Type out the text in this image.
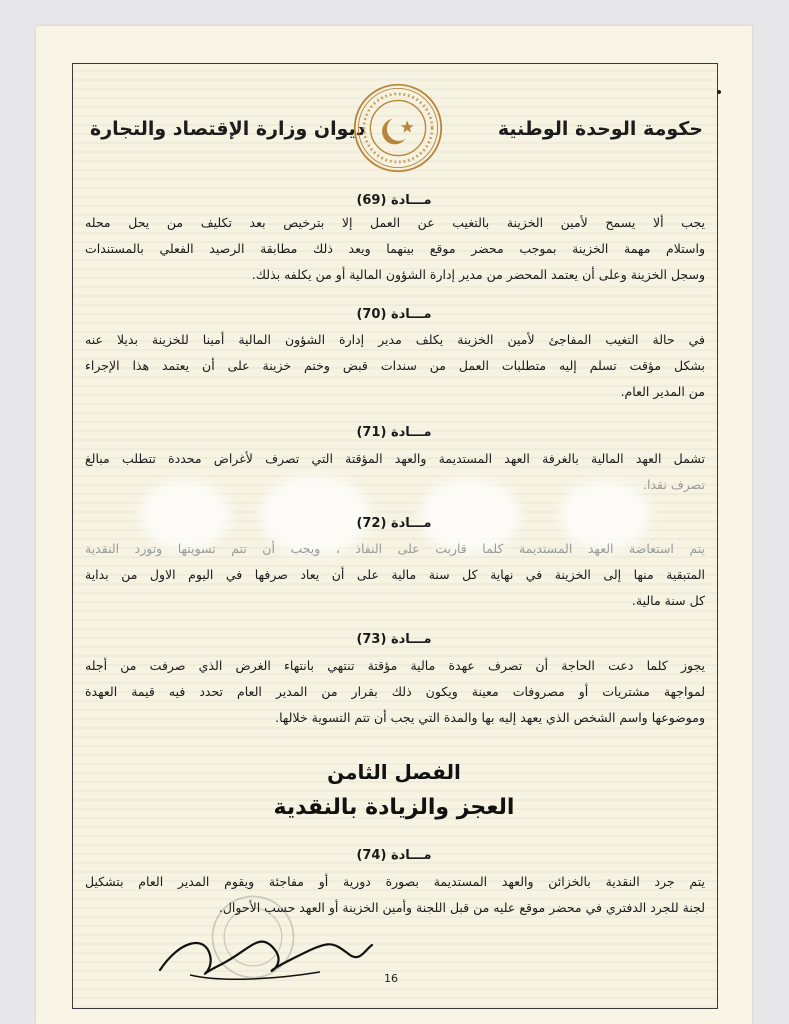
حكومة الوحدة الوطنية
ديوان وزارة الإقتصاد والتجارة
مـــادة (69)
يجب ألا يسمح لأمين الخزينة بالتغيب عن العمل إلا بترخيص بعد تكليف من يحل محله
واستلام مهمة الخزينة بموجب محضر موقع بينهما ويعد ذلك مطابقة الرصيد الفعلي بالمستندات
وسجل الخزينة وعلى أن يعتمد المحضر من مدير إدارة الشؤون المالية أو من يكلفه بذلك.
مـــادة (70)
في حالة التغيب المفاجئ لأمين الخزينة يكلف مدير إدارة الشؤون المالية أمينا للخزينة بديلا عنه
بشكل مؤقت تسلم إليه متطلبات العمل من سندات قبض وختم خزينة على أن يعتمد هذا الإجراء
من المدير العام.
مـــادة (71)
تشمل العهد المالية بالغرفة العهد المستديمة والعهد المؤقتة التي تصرف لأغراض محددة تتطلب مبالغ
تصرف نقدا.
مـــادة (72)
يتم استعاضة العهد المستديمة كلما قاربت على النفاذ ، ويجب أن تتم تسويتها وتورد النقدية
المتبقية منها إلى الخزينة في نهاية كل سنة مالية على أن يعاد صرفها في اليوم الاول من بداية
كل سنة مالية.
مـــادة (73)
يجوز كلما دعت الحاجة أن تصرف عهدة مالية مؤقتة تنتهي بانتهاء الغرض الذي صرفت من أجله
لمواجهة مشتريات أو مصروفات معينة ويكون ذلك بقرار من المدير العام تحدد فيه قيمة العهدة
وموضوعها واسم الشخص الذي يعهد إليه بها والمدة التي يجب أن تتم التسوية خلالها.
الفصل الثامن
العجز والزيادة بالنقدية
مـــادة (74)
يتم جرد النقدية بالخزائن والعهد المستديمة بصورة دورية أو مفاجئة ويقوم المدير العام بتشكيل
لجنة للجرد الدفتري في محضر موقع عليه من قبل اللجنة وأمين الخزينة أو العهد حسب الأحوال.
16
